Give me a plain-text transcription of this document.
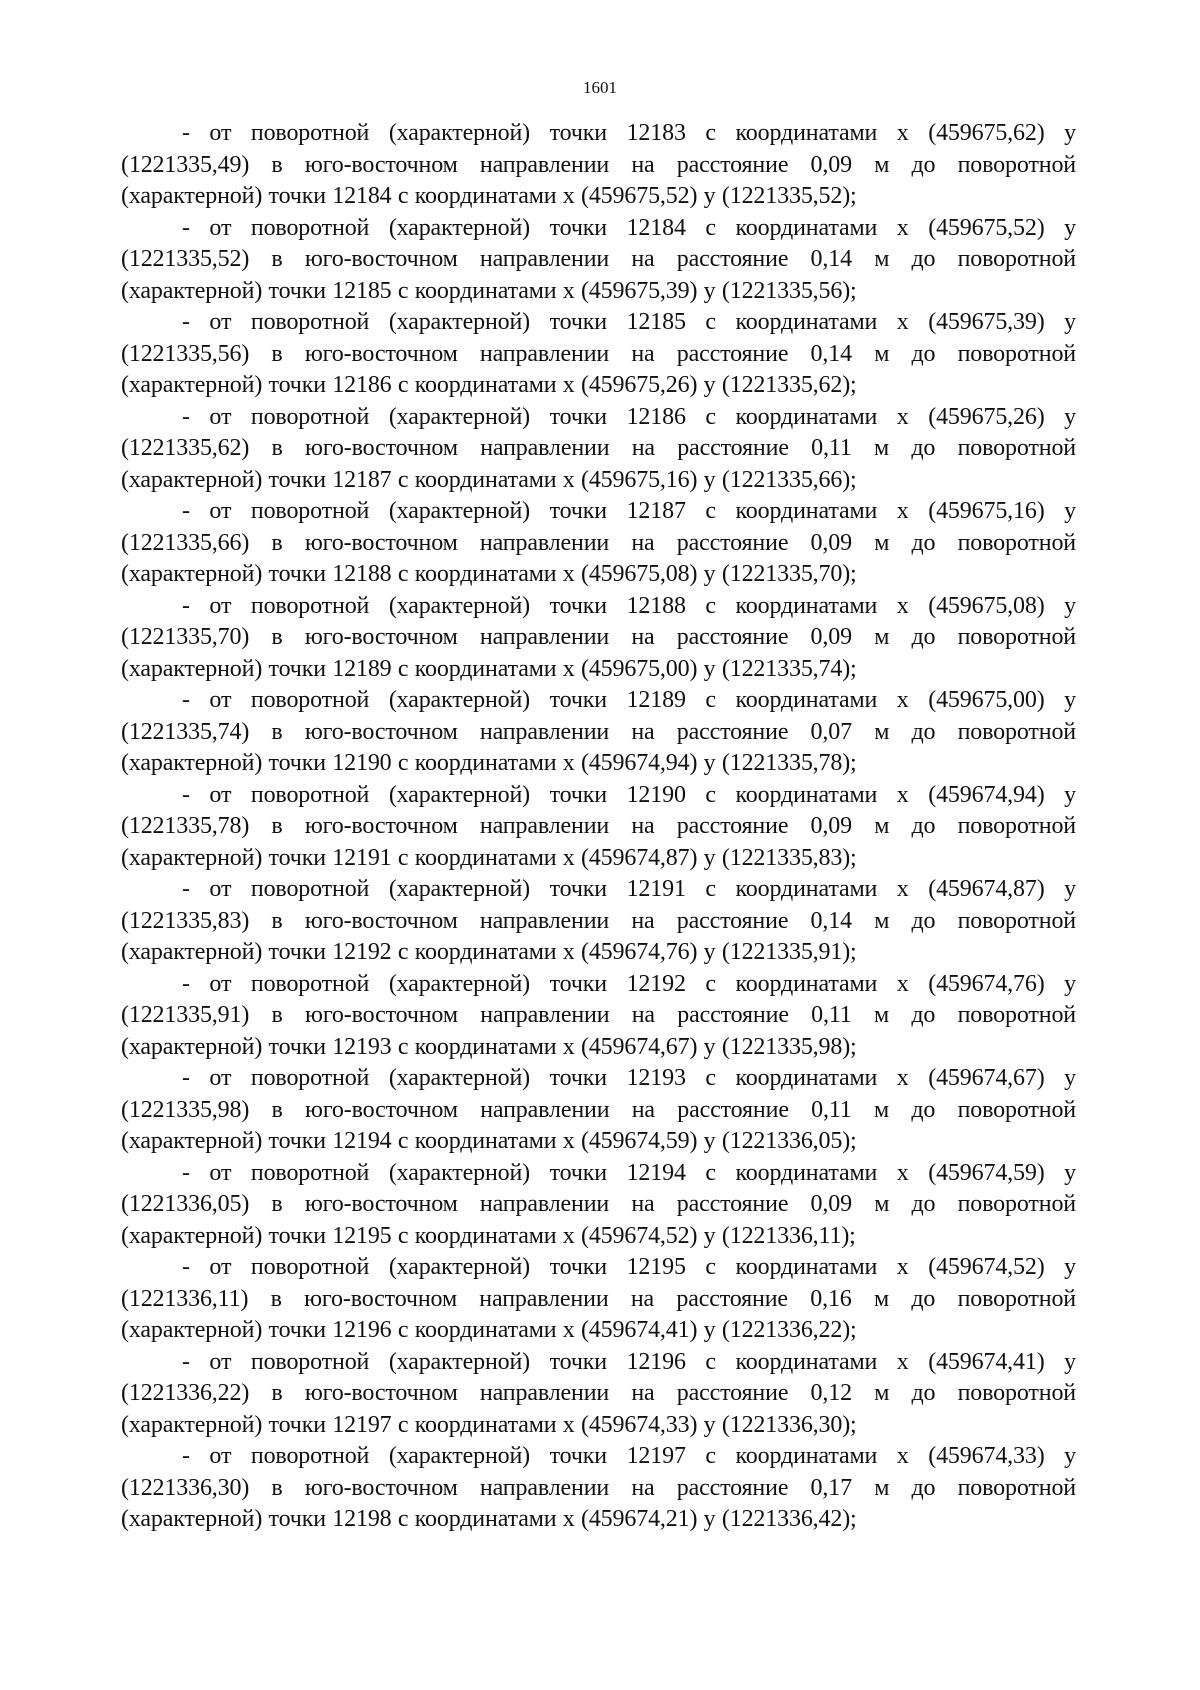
1601

- от поворотной (характерной) точки 12183 с координатами x (459675,62) у (1221335,49) в юго-восточном направлении на расстояние 0,09 м до поворотной (характерной) точки 12184 с координатами x (459675,52) у (1221335,52);

- от поворотной (характерной) точки 12184 с координатами x (459675,52) у (1221335,52) в юго-восточном направлении на расстояние 0,14 м до поворотной (характерной) точки 12185 с координатами x (459675,39) у (1221335,56);

- от поворотной (характерной) точки 12185 с координатами x (459675,39) у (1221335,56) в юго-восточном направлении на расстояние 0,14 м до поворотной (характерной) точки 12186 с координатами x (459675,26) у (1221335,62);

- от поворотной (характерной) точки 12186 с координатами x (459675,26) у (1221335,62) в юго-восточном направлении на расстояние 0,11 м до поворотной (характерной) точки 12187 с координатами x (459675,16) у (1221335,66);

- от поворотной (характерной) точки 12187 с координатами x (459675,16) у (1221335,66) в юго-восточном направлении на расстояние 0,09 м до поворотной (характерной) точки 12188 с координатами x (459675,08) у (1221335,70);

- от поворотной (характерной) точки 12188 с координатами x (459675,08) у (1221335,70) в юго-восточном направлении на расстояние 0,09 м до поворотной (характерной) точки 12189 с координатами x (459675,00) у (1221335,74);

- от поворотной (характерной) точки 12189 с координатами x (459675,00) у (1221335,74) в юго-восточном направлении на расстояние 0,07 м до поворотной (характерной) точки 12190 с координатами x (459674,94) у (1221335,78);

- от поворотной (характерной) точки 12190 с координатами x (459674,94) у (1221335,78) в юго-восточном направлении на расстояние 0,09 м до поворотной (характерной) точки 12191 с координатами x (459674,87) у (1221335,83);

- от поворотной (характерной) точки 12191 с координатами x (459674,87) у (1221335,83) в юго-восточном направлении на расстояние 0,14 м до поворотной (характерной) точки 12192 с координатами x (459674,76) у (1221335,91);

- от поворотной (характерной) точки 12192 с координатами x (459674,76) у (1221335,91) в юго-восточном направлении на расстояние 0,11 м до поворотной (характерной) точки 12193 с координатами x (459674,67) у (1221335,98);

- от поворотной (характерной) точки 12193 с координатами x (459674,67) у (1221335,98) в юго-восточном направлении на расстояние 0,11 м до поворотной (характерной) точки 12194 с координатами x (459674,59) у (1221336,05);

- от поворотной (характерной) точки 12194 с координатами x (459674,59) у (1221336,05) в юго-восточном направлении на расстояние 0,09 м до поворотной (характерной) точки 12195 с координатами x (459674,52) у (1221336,11);

- от поворотной (характерной) точки 12195 с координатами x (459674,52) у (1221336,11) в юго-восточном направлении на расстояние 0,16 м до поворотной (характерной) точки 12196 с координатами x (459674,41) у (1221336,22);

- от поворотной (характерной) точки 12196 с координатами x (459674,41) у (1221336,22) в юго-восточном направлении на расстояние 0,12 м до поворотной (характерной) точки 12197 с координатами x (459674,33) у (1221336,30);

- от поворотной (характерной) точки 12197 с координатами x (459674,33) у (1221336,30) в юго-восточном направлении на расстояние 0,17 м до поворотной (характерной) точки 12198 с координатами x (459674,21) у (1221336,42);
